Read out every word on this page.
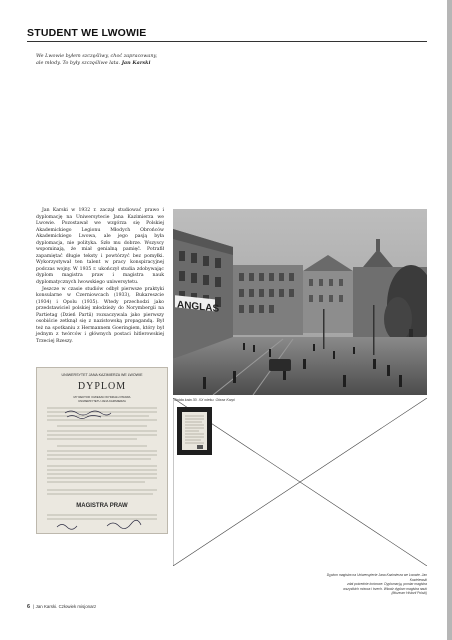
STUDENT WE LWOWIE
We Lwowie byłem szczęśliwy, choć zapracowany,
ale młody. To były szczęśliwe lata. Jan Karski

Jan Karski w 1932 r. zaczął studiować prawo i dyplomację na Uniwersytecie Jana Kazimierza we Lwowie. Pozostawał we wzgórza się Polskiej Akademickiego Legionu Młodych Obrońców Akademickiego Lwowa, ale jego pasją była dyplomacja, nie polityka. Szło mu dobrze. Wszyscy wspominają, że miał genialną pamięć. Potrafił zapamiętać długie teksty i powtórzyć bez pomyłki. Wykorzystywał ten talent w pracy konspiracyjnej podczas wojny. W 1935 r. ukończył studia zdobywając dyplom magistra praw i magistra nauk dyplomatycznych lwowskiego uniwersytetu.

Jeszcze w czasie studiów odbył pierwsze praktyki konsularne w Czerniowcach (1933), Bukareszcie (1934) i Opolu (1935). Wtedy przechodzi jako przedstawiciel polskiej młodzieży do Norymbergii na Partietag (Dzień Partii) rozsaczywala jako pierwszy osobiście zetknął się z nazistowską propagandą. Był też na spotkaniu z Hermannem Goeringiem, który był jednym z twórców i głównych postaci hitlerowskiej Trzeciej Rzeszy.

ANGLAS
Swida kata 30. XX wieku. Obraz Karpi
UNIWERSYTET JANA KAZIMIERZA WE LWOWIE
DYPLOM
MY REKTOR I DZIEKAN WYDZIAŁU PRAWA
UNIWERSYTETU JANA KAZIMIERZA
MAGISTRA PRAW
Dyplom magistra na Uniwersytecie Jana Kazimierza we Lwowie. Jan Kozielewski
zdał pośrednie końcowe. Dyplomacją, pomiar magistra
wszystkich mówca i trzech. Wkodz dyplom magistra nauk
(Muzeum Historii Polski)
6 | Jan Karski. Człowiek misjonarz
